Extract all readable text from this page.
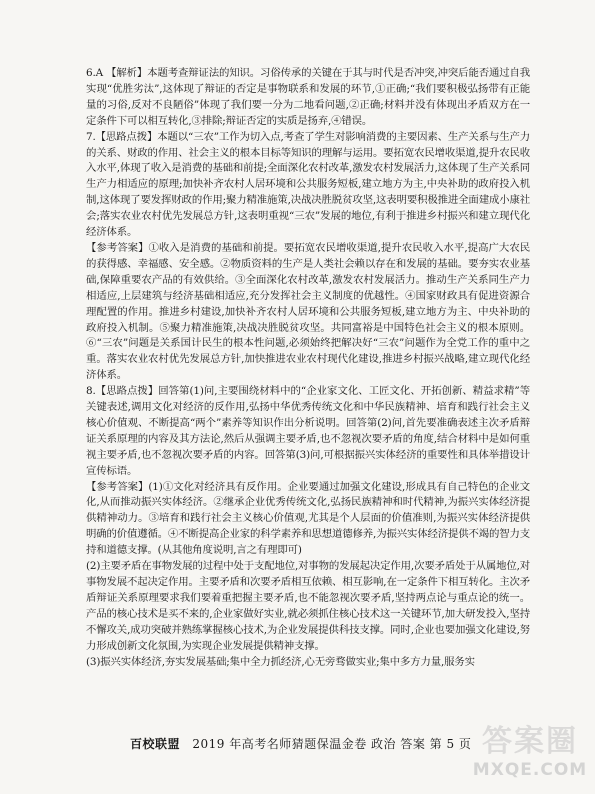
6.A 【解析】本题考查辩证法的知识。习俗传承的关键在于其与时代是否冲突,冲突后能否通过自我实现“优胜劣汰”,这体现了辩证的否定是事物联系和发展的环节,①正确;“我们要积极弘扬带有正能量的习俗,反对不良陋俗”体现了我们要一分为二地看问题,②正确;材料并没有体现出矛盾双方在一定条件下可以相互转化,③排除;辩证否定的实质是扬弃,④错误。

7.【思路点拨】本题以“三农”工作为切入点,考查了学生对影响消费的主要因素、生产关系与生产力的关系、财政的作用、社会主义的根本目标等知识的理解与运用。要拓宽农民增收渠道,提升农民收入水平,体现了收入是消费的基础和前提;全面深化农村改革,激发农村发展活力,这体现了生产关系同生产力相适应的原理;加快补齐农村人居环境和公共服务短板,建立地方为主,中央补助的政府投入机制,这体现了要发挥财政的作用;聚力精准施策,决战决胜脱贫攻坚,这表明要积极推进全面建成小康社会;落实农业农村优先发展总方针,这表明重视“三农”发展的地位,有利于推进乡村振兴和建立现代化经济体系。

【参考答案】①收入是消费的基础和前提。要拓宽农民增收渠道,提升农民收入水平,提高广大农民的获得感、幸福感、安全感。②物质资料的生产是人类社会赖以存在和发展的基础。要夯实农业基础,保障重要农产品的有效供给。③全面深化农村改革,激发农村发展活力。推动生产关系同生产力相适应,上层建筑与经济基础相适应,充分发挥社会主义制度的优越性。④国家财政具有促进资源合理配置的作用。推进乡村建设,加快补齐农村人居环境和公共服务短板,建立地方为主、中央补助的政府投入机制。⑤聚力精准施策,决战决胜脱贫攻坚。共同富裕是中国特色社会主义的根本原则。⑥“三农”问题是关系国计民生的根本性问题,必须始终把解决好“三农”问题作为全党工作的重中之重。落实农业农村优先发展总方针,加快推进农业农村现代化建设,推进乡村振兴战略,建立现代化经济体系。

8.【思路点拨】回答第(1)问,主要围绕材料中的“企业家文化、工匠文化、开拓创新、精益求精”等关键表述,调用文化对经济的反作用,弘扬中华优秀传统文化和中华民族精神、培育和践行社会主义核心价值观、不断提高“两个”素养等知识作出分析说明。回答第(2)问,首先要准确表述主次矛盾辩证关系原理的内容及其方法论,然后从强调主要矛盾,也不忽视次要矛盾的角度,结合材料中是如何重视主要矛盾,也不忽视次要矛盾的内容。回答第(3)问,可根据振兴实体经济的重要性和具体举措设计宣传标语。

【参考答案】(1)①文化对经济具有反作用。企业要通过加强文化建设,形成具有自己特色的企业文化,从而推动振兴实体经济。②继承企业优秀传统文化,弘扬民族精神和时代精神,为振兴实体经济提供精神动力。③培育和践行社会主义核心价值观,尤其是个人层面的价值准则,为振兴实体经济提供明确的价值遵循。④不断提高企业家的科学素养和思想道德修养,为振兴实体经济提供不竭的智力支持和道德支撑。(从其他角度说明,言之有理即可)

(2)主要矛盾在事物发展的过程中处于支配地位,对事物的发展起决定作用,次要矛盾处于从属地位,对事物发展不起决定作用。主要矛盾和次要矛盾相互依赖、相互影响,在一定条件下相互转化。主次矛盾辩证关系原理要求我们要着重把握主要矛盾,也不能忽视次要矛盾,坚持两点论与重点论的统一。产品的核心技术是买不来的,企业家做好实业,就必须抓住核心技术这一关键环节,加大研发投入,坚持不懈攻关,成功突破并熟练掌握核心技术,为企业发展提供科技支撑。同时,企业也要加强文化建设,努力形成创新文化氛围,为实现企业发展提供精神支撑。

(3)振兴实体经济,夯实发展基础;集中全力抓经济,心无旁骛做实业;集中多方力量,服务实

百校联盟 2019 年高考名师猜题保温金卷 政治 答案 第 5 页 答案圈
MXQE.COM
